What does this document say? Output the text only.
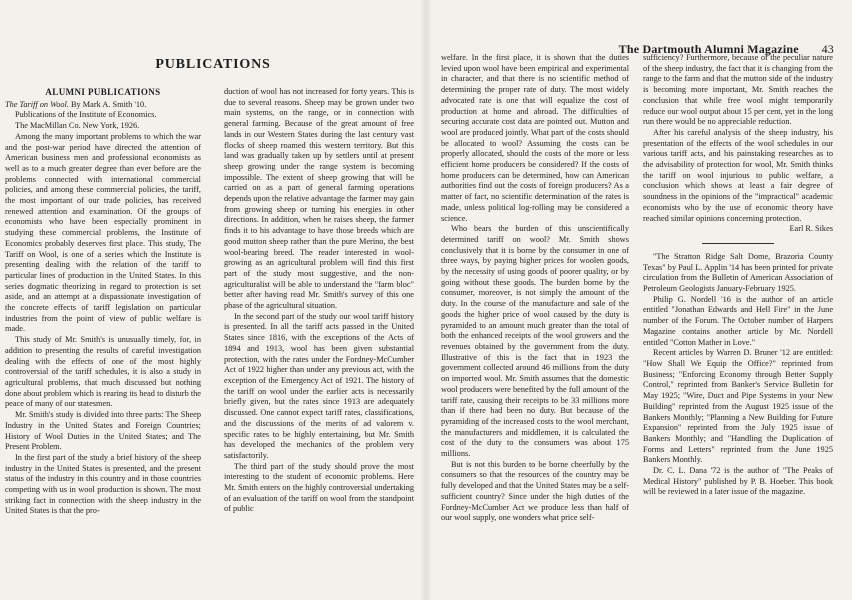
PUBLICATIONS

ALUMNI PUBLICATIONS

The Tariff on Wool. By Mark A. Smith '10.

Publications of the Institute of Economics.

The MacMillan Co. New York, 1926.

Among the many important problems to which the war and the post-war period have directed the attention of American business men and professional economists as well as to a much greater degree than ever before are the problems connected with international commercial policies, and among these commercial policies, the tariff, the most important of our trade policies, has received renewed attention and examination. Of the groups of economists who have been especially prominent in studying these commercial problems, the Institute of Economics probably deserves first place. This study, The Tariff on Wool, is one of a series which the Institute is presenting dealing with the relation of the tariff to particular lines of production in the United States. In this series dogmatic theorizing in regard to protection is set aside, and an attempt at a dispassionate investigation of the concrete effects of tariff legislation on particular industries from the point of view of public welfare is made.

This study of Mr. Smith's is unusually timely, for, in addition to presenting the results of careful investigation dealing with the effects of one of the most highly controversial of the tariff schedules, it is also a study in agricultural problems, that much discussed but nothing done about problem which is rearing its head to disturb the peace of many of our statesmen.

Mr. Smith's study is divided into three parts: The Sheep Industry in the United States and Foreign Countries; History of Wool Duties in the United States; and The Present Problem.

In the first part of the study a brief history of the sheep industry in the United States is presented, and the present status of the industry in this country and in those countries competing with us in wool production is shown. The most striking fact in connection with the sheep industry in the United States is that the pro-

duction of wool has not increased for forty years. This is due to several reasons. Sheep may be grown under two main systems, on the range, or in connection with general farming. Because of the great amount of free lands in our Western States during the last century vast flocks of sheep roamed this western territory. But this land was gradually taken up by settlers until at present sheep growing under the range system is becoming impossible. The extent of sheep growing that will be carried on as a part of general farming operations depends upon the relative advantage the farmer may gain from growing sheep or turning his energies in other directions. In addition, when he raises sheep, the farmer finds it to his advantage to have those breeds which are good mutton sheep rather than the pure Merino, the best wool-bearing breed. The reader interested in wool-growing as an agricultural problem will find this first part of the study most suggestive, and the non-agriculturalist will be able to understand the "farm bloc" better after having read Mr. Smith's survey of this one phase of the agricultural situation.

In the second part of the study our wool tariff history is presented. In all the tariff acts passed in the United States since 1816, with the exceptions of the Acts of 1894 and 1913, wool has been given substantial protection, with the rates under the Fordney-McCumber Act of 1922 higher than under any previous act, with the exception of the Emergency Act of 1921. The history of the tariff on wool under the earlier acts is necessarily briefly given, but the rates since 1913 are adequately discussed. One cannot expect tariff rates, classifications, and the discussions of the merits of ad valorem v. specific rates to be highly entertaining, but Mr. Smith has developed the mechanics of the problem very satisfactorily.

The third part of the study should prove the most interesting to the student of economic problems. Here Mr. Smith enters on the highly controversial undertaking of an evaluation of the tariff on wool from the standpoint of public

The Dartmouth Alumni Magazine 43

welfare. In the first place, it is shown that the duties levied upon wool have been empirical and experimental in character, and that there is no scientific method of determining the proper rate of duty. The most widely advocated rate is one that will equalize the cost of production at home and abroad. The difficulties of securing accurate cost data are pointed out. Mutton and wool are produced jointly. What part of the costs should be allocated to wool? Assuming the costs can be properly allocated, should the costs of the more or less efficient home producers be considered? If the costs of home producers can be determined, how can American authorities find out the costs of foreign producers? As a matter of fact, no scientific determination of the rates is made, unless political log-rolling may be considered a science.

Who bears the burden of this unscientifically determined tariff on wool? Mr. Smith shows conclusively that it is borne by the consumer in one of three ways, by paying higher prices for woolen goods, by the necessity of using goods of poorer quality, or by going without these goods. The burden borne by the consumer, moreover, is not simply the amount of the duty. In the course of the manufacture and sale of the goods the higher price of wool caused by the duty is pyramided to an amount much greater than the total of both the enhanced receipts of the wool growers and the revenues obtained by the government from the duty. Illustrative of this is the fact that in 1923 the government collected around 46 millions from the duty on imported wool. Mr. Smith assumes that the domestic wool producers were benefited by the full amount of the tariff rate, causing their receipts to be 33 millions more than if there had been no duty. But because of the pyramiding of the increased costs to the wool merchant, the manufacturers and middlemen, it is calculated the cost of the duty to the consumers was about 175 millions.

But is not this burden to be borne cheerfully by the consumers so that the resources of the country may be fully developed and that the United States may be a self-sufficient country? Since under the high duties of the Fordney-McCumber Act we produce less than half of our wool supply, one wonders what price self-

sufficiency? Furthermore, because of the peculiar nature of the sheep industry, the fact that it is changing from the range to the farm and that the mutton side of the industry is becoming more important, Mr. Smith reaches the conclusion that while free wool might temporarily reduce our wool output about 15 per cent, yet in the long run there would be no appreciable reduction.

After his careful analysis of the sheep industry, his presentation of the effects of the wool schedules in our various tariff acts, and his painstaking researches as to the advisability of protection for wool, Mr. Smith thinks the tariff on wool injurious to public welfare, a conclusion which shows at least a fair degree of soundness in the opinions of the "impractical" academic economists who by the use of economic theory have reached similar opinions concerning protection.

Earl R. Sikes

"The Stratton Ridge Salt Dome, Brazoria County Texas" by Paul L. Applin '14 has been printed for private circulation from the Bulletin of American Association of Petroleum Geologists January-February 1925.

Philip G. Nordell '16 is the author of an article entitled "Jonathan Edwards and Hell Fire" in the June number of the Forum. The October number of Harpers Magazine contains another article by Mr. Nordell entitled "Cotton Mather in Love."

Recent articles by Warren D. Bruner '12 are entitled: "How Shall We Equip the Office?" reprinted from Business; "Enforcing Economy through Better Supply Control," reprinted from Banker's Service Bulletin for May 1925; "Wire, Duct and Pipe Systems in your New Building" reprinted from the August 1925 issue of the Bankers Monthly; "Planning a New Building for Future Expansion" reprinted from the July 1925 issue of Bankers Monthly; and "Handling the Duplication of Forms and Letters" reprinted from the June 1925 Bankers Monthly.

Dr. C. L. Dana '72 is the author of "The Peaks of Medical History" published by P. B. Hoeber. This book will be reviewed in a later issue of the magazine.
